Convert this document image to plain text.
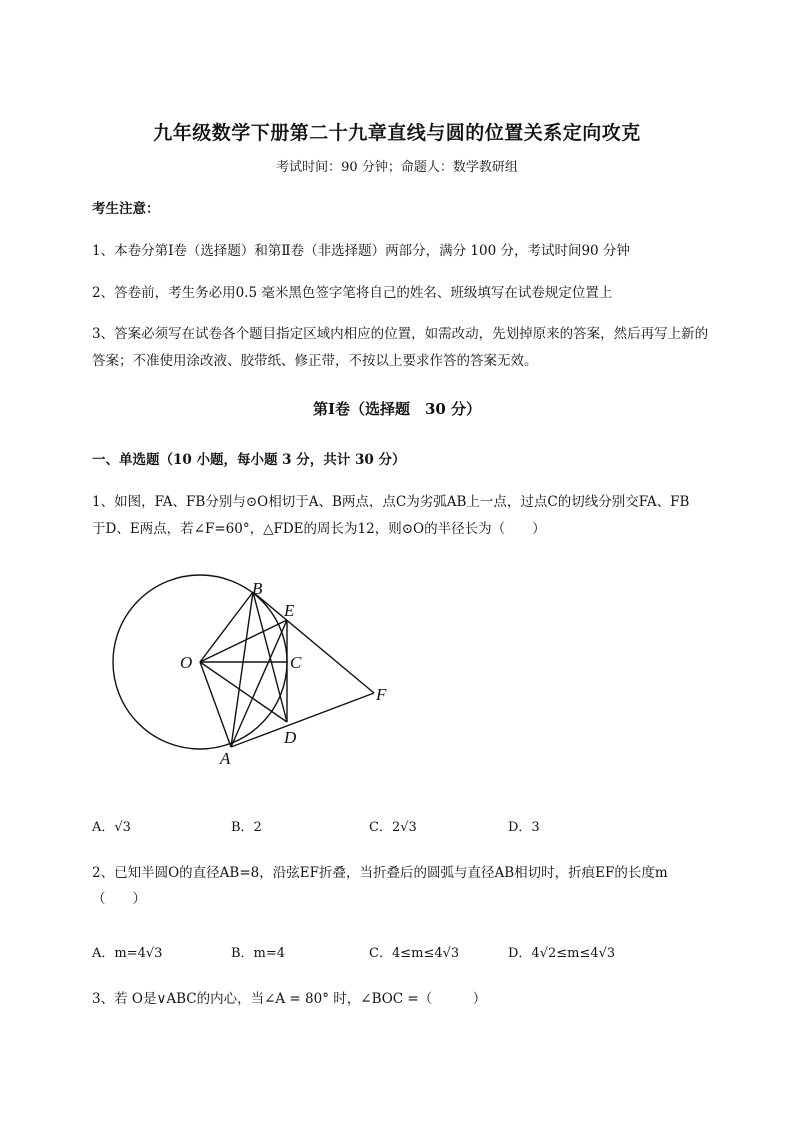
九年级数学下册第二十九章直线与圆的位置关系定向攻克
考试时间：90 分钟；命题人：数学教研组
考生注意：
1、本卷分第Ⅰ卷（选择题）和第Ⅱ卷（非选择题）两部分，满分 100 分，考试时间90 分钟
2、答卷前，考生务必用0.5 毫米黑色签字笔将自己的姓名、班级填写在试卷规定位置上
3、答案必须写在试卷各个题目指定区域内相应的位置，如需改动，先划掉原来的答案，然后再写上新的答案；不准使用涂改液、胶带纸、修正带，不按以上要求作答的答案无效。
第Ⅰ卷（选择题　30 分）
一、单选题（10 小题，每小题 3 分，共计 30 分）
1、如图，FA、FB分别与⊙O相切于A、B两点，点C为劣弧AB上一点，过点C的切线分别交FA、FB
于D、E两点，若∠F=60°，△FDE的周长为12，则⊙O的半径长为（　　）
B
E
O	C
F
D
A
A．√3	B．2	C．2√3	D．3
2、已知半圆O的直径AB=8，沿弦EF折叠，当折叠后的圆弧与直径AB相切时，折痕EF的长度m
（　　）
A．m=4√3	B．m=4	C．4≤m≤4√3	D．4√2≤m≤4√3
3、若 O是∨ABC的内心，当∠A = 80° 时，∠BOC =（　　　）
